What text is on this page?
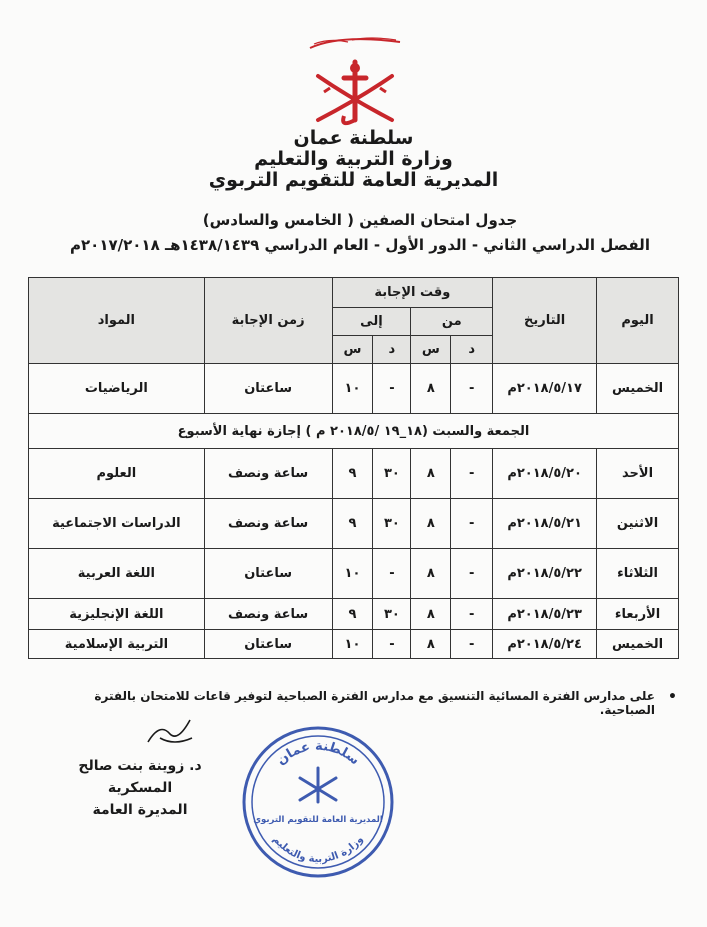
سلطنة عمان
وزارة التربية والتعليم
المديرية العامة للتقويم التربوي
جدول امتحان الصفين ( الخامس والسادس)
الفصل الدراسي الثاني - الدور الأول - العام الدراسي ١٤٣٨/١٤٣٩هـ ٢٠١٧/٢٠١٨م
اليوم	التاريخ	وقت الإجابة				زمن الإجابة	المواد
		من		إلى			
		د	س	د	س		
الخميس	٢٠١٨/٥/١٧م	-	٨	-	١٠	ساعتان	الرياضيات
الجمعة والسبت (١٨_١٩ /٢٠١٨/٥ م ) إجازة نهاية الأسبوع							
الأحد	٢٠١٨/٥/٢٠م	-	٨	٣٠	٩	ساعة ونصف	العلوم
الاثنين	٢٠١٨/٥/٢١م	-	٨	٣٠	٩	ساعة ونصف	الدراسات الاجتماعية
الثلاثاء	٢٠١٨/٥/٢٢م	-	٨	-	١٠	ساعتان	اللغة العربية
الأربعاء	٢٠١٨/٥/٢٣م	-	٨	٣٠	٩	ساعة ونصف	اللغة الإنجليزية
الخميس	٢٠١٨/٥/٢٤م	-	٨	-	١٠	ساعتان	التربية الإسلامية
•
على مدارس الفترة المسائية التنسيق مع مدارس الفترة الصباحية لتوفير قاعات للامتحان بالفترة الصباحية.
د. زوينة بنت صالح المسكرية
المديرة العامة
سلطنة عمان
المديرية العامة للتقويم التربوي
وزارة التربية والتعليم
